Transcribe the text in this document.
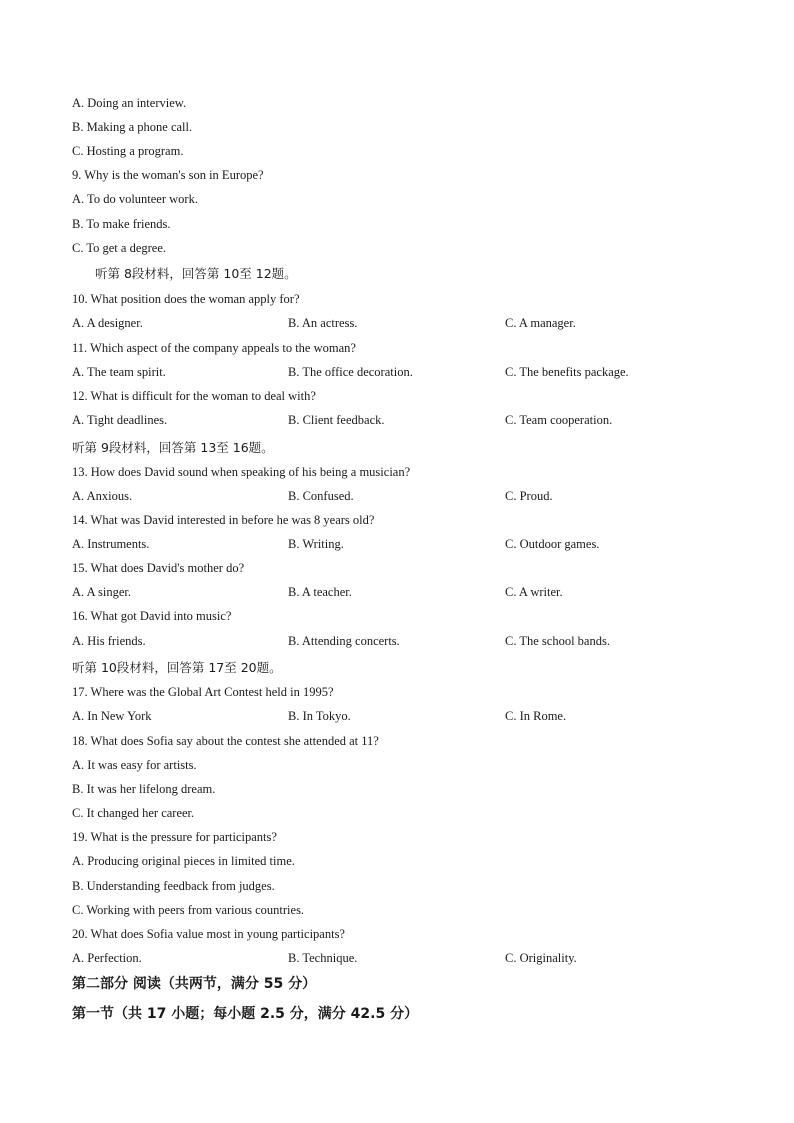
A. Doing an interview.
B. Making a phone call.
C. Hosting a program.
9. Why is the woman's son in Europe?
A. To do volunteer work.
B. To make friends.
C. To get a degree.
听第 8段材料，回答第 10至 12题。
10. What position does the woman apply for?
A. A designer.	B. An actress.	C. A manager.
11. Which aspect of the company appeals to the woman?
A. The team spirit.	B. The office decoration.	C. The benefits package.
12. What is difficult for the woman to deal with?
A. Tight deadlines.	B. Client feedback.	C. Team cooperation.
听第 9段材料，回答第 13至 16题。
13. How does David sound when speaking of his being a musician?
A. Anxious.	B. Confused.	C. Proud.
14. What was David interested in before he was 8 years old?
A. Instruments.	B. Writing.	C. Outdoor games.
15. What does David's mother do?
A. A singer.	B. A teacher.	C. A writer.
16. What got David into music?
A. His friends.	B. Attending concerts.	C. The school bands.
听第 10段材料，回答第 17至 20题。
17. Where was the Global Art Contest held in 1995?
A. In New York	B. In Tokyo.	C. In Rome.
18. What does Sofia say about the contest she attended at 11?
A. It was easy for artists.
B. It was her lifelong dream.
C. It changed her career.
19. What is the pressure for participants?
A. Producing original pieces in limited time.
B. Understanding feedback from judges.
C. Working with peers from various countries.
20. What does Sofia value most in young participants?
A. Perfection.	B. Technique.	C. Originality.
第二部分 阅读（共两节，满分 55 分）
第一节（共 17 小题；每小题 2.5 分，满分 42.5 分）
